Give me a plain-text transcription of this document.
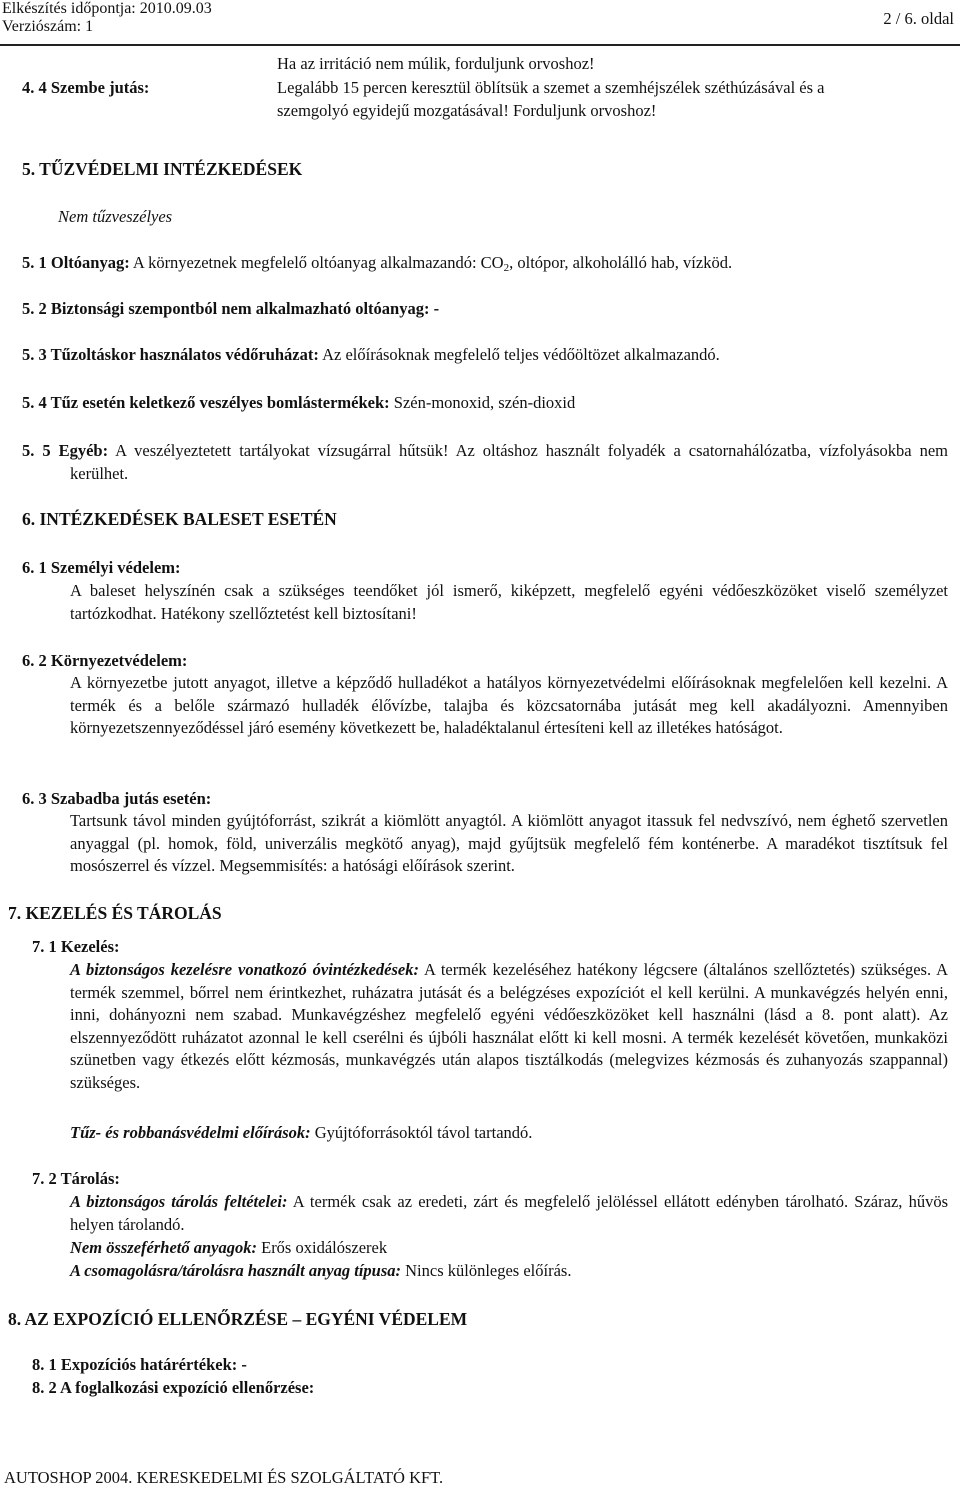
Elkészítés időpontja: 2010.09.03
Verziószám: 1	2 / 6. oldal
Ha az irritáció nem múlik, forduljunk orvoshoz!
4. 4 Szembe jutás:	Legalább 15 percen keresztül öblítsük a szemet a szemhéjszélek széthúzásával és a
szemgolyó egyidejű mozgatásával! Forduljunk orvoshoz!
5. TŰZVÉDELMI INTÉZKEDÉSEK
Nem tűzveszélyes
5. 1 Oltóanyag: A környezetnek megfelelő oltóanyag alkalmazandó: $CO_2$, oltópor, alkoholálló hab, vízköd.
5. 2 Biztonsági szempontból nem alkalmazható oltóanyag: -
5. 3 Tűzoltáskor használatos védőruházat: Az előírásoknak megfelelő teljes védőöltözet alkalmazandó.
5. 4 Tűz esetén keletkező veszélyes bomlástermékek: Szén-monoxid, szén-dioxid
5. 5 Egyéb: A veszélyeztetett tartályokat vízsugárral hűtsük! Az oltáshoz használt folyadék a csatornahálózatba, vízfolyásokba nem kerülhet.
6. INTÉZKEDÉSEK BALESET ESETÉN
6. 1 Személyi védelem:
A baleset helyszínén csak a szükséges teendőket jól ismerő, kiképzett, megfelelő egyéni védőeszközöket viselő személyzet tartózkodhat. Hatékony szellőztetést kell biztosítani!
6. 2 Környezetvédelem:
A környezetbe jutott anyagot, illetve a képződő hulladékot a hatályos környezetvédelmi előírásoknak megfelelően kell kezelni. A termék és a belőle származó hulladék élővízbe, talajba és közcsatornába jutását meg kell akadályozni. Amennyiben környezetszennyeződéssel járó esemény következett be, haladéktalanul értesíteni kell az illetékes hatóságot.
6. 3 Szabadba jutás esetén:
Tartsunk távol minden gyújtóforrást, szikrát a kiömlött anyagtól. A kiömlött anyagot itassuk fel nedvszívó, nem éghető szervetlen anyaggal (pl. homok, föld, univerzális megkötő anyag), majd gyűjtsük megfelelő fém konténerbe. A maradékot tisztítsuk fel mosószerrel és vízzel. Megsemmisítés: a hatósági előírások szerint.
7. KEZELÉS ÉS TÁROLÁS
7. 1 Kezelés:
A biztonságos kezelésre vonatkozó óvintézkedések: A termék kezeléséhez hatékony légcsere (általános szellőztetés) szükséges. A termék szemmel, bőrrel nem érintkezhet, ruházatra jutását és a belégzéses expozíciót el kell kerülni. A munkavégzés helyén enni, inni, dohányozni nem szabad. Munkavégzéshez megfelelő egyéni védőeszközöket kell használni (lásd a 8. pont alatt). Az elszennyeződött ruházatot azonnal le kell cserélni és újbóli használat előtt ki kell mosni. A termék kezelését követően, munkaközi szünetben vagy étkezés előtt kézmosás, munkavégzés után alapos tisztálkodás (melegvizes kézmosás és zuhanyozás szappannal) szükséges.
Tűz- és robbanásvédelmi előírások: Gyújtóforrásoktól távol tartandó.
7. 2 Tárolás:
A biztonságos tárolás feltételei: A termék csak az eredeti, zárt és megfelelő jelöléssel ellátott edényben tárolható. Száraz, hűvös helyen tárolandó.
Nem összeférhető anyagok: Erős oxidálószerek
A csomagolásra/tárolásra használt anyag típusa: Nincs különleges előírás.
8. AZ EXPOZÍCIÓ ELLENŐRZÉSE – EGYÉNI VÉDELEM
8. 1 Expozíciós határértékek: -
8. 2 A foglalkozási expozíció ellenőrzése:
AUTOSHOP 2004. KERESKEDELMI ÉS SZOLGÁLTATÓ KFT.
